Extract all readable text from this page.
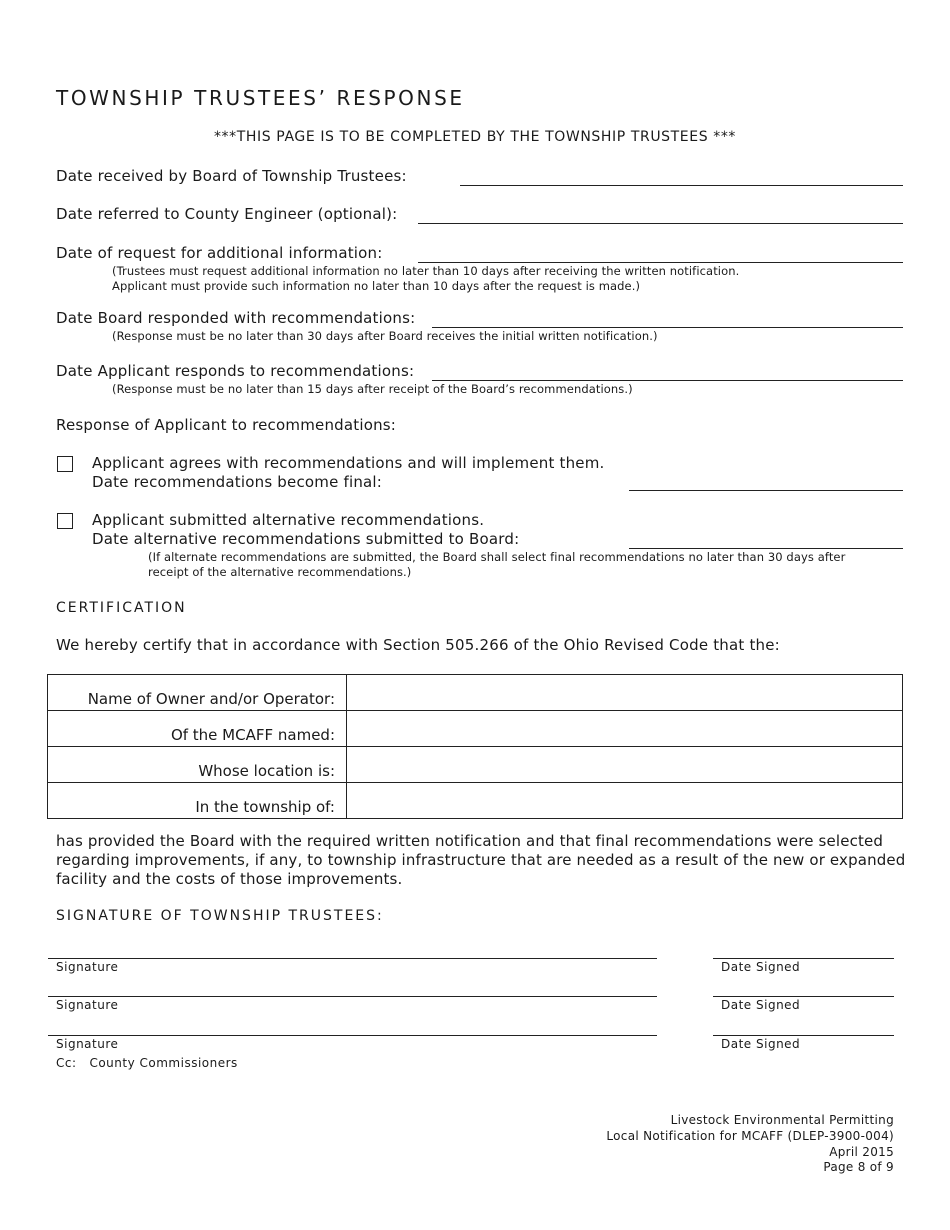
TOWNSHIP TRUSTEES’ RESPONSE
***THIS PAGE IS TO BE COMPLETED BY THE TOWNSHIP TRUSTEES ***
Date received by Board of Township Trustees:
Date referred to County Engineer (optional):
Date of request for additional information:
(Trustees must request additional information no later than 10 days after receiving the written notification.
Applicant must provide such information no later than 10 days after the request is made.)
Date Board responded with recommendations:
(Response must be no later than 30 days after Board receives the initial written notification.)
Date Applicant responds to recommendations:
(Response must be no later than 15 days after receipt of the Board’s recommendations.)
Response of Applicant to recommendations:
Applicant agrees with recommendations and will implement them.
Date recommendations become final:
Applicant submitted alternative recommendations.
Date alternative recommendations submitted to Board:
(If alternate recommendations are submitted, the Board shall select final recommendations no later than 30 days after
receipt of the alternative recommendations.)
CERTIFICATION
We hereby certify that in accordance with Section 505.266 of the Ohio Revised Code that the:
Name of Owner and/or Operator:	
Of the MCAFF named:	
Whose location is:	
In the township of:	
has provided the Board with the required written notification and that final recommendations were selected regarding improvements, if any, to township infrastructure that are needed as a result of the new or expanded facility and the costs of those improvements.
SIGNATURE OF TOWNSHIP TRUSTEES:
Signature	Date Signed
Signature	Date Signed
Signature	Date Signed
Cc:   County Commissioners
Livestock Environmental Permitting
Local Notification for MCAFF (DLEP-3900-004)
April 2015
Page 8 of 9
